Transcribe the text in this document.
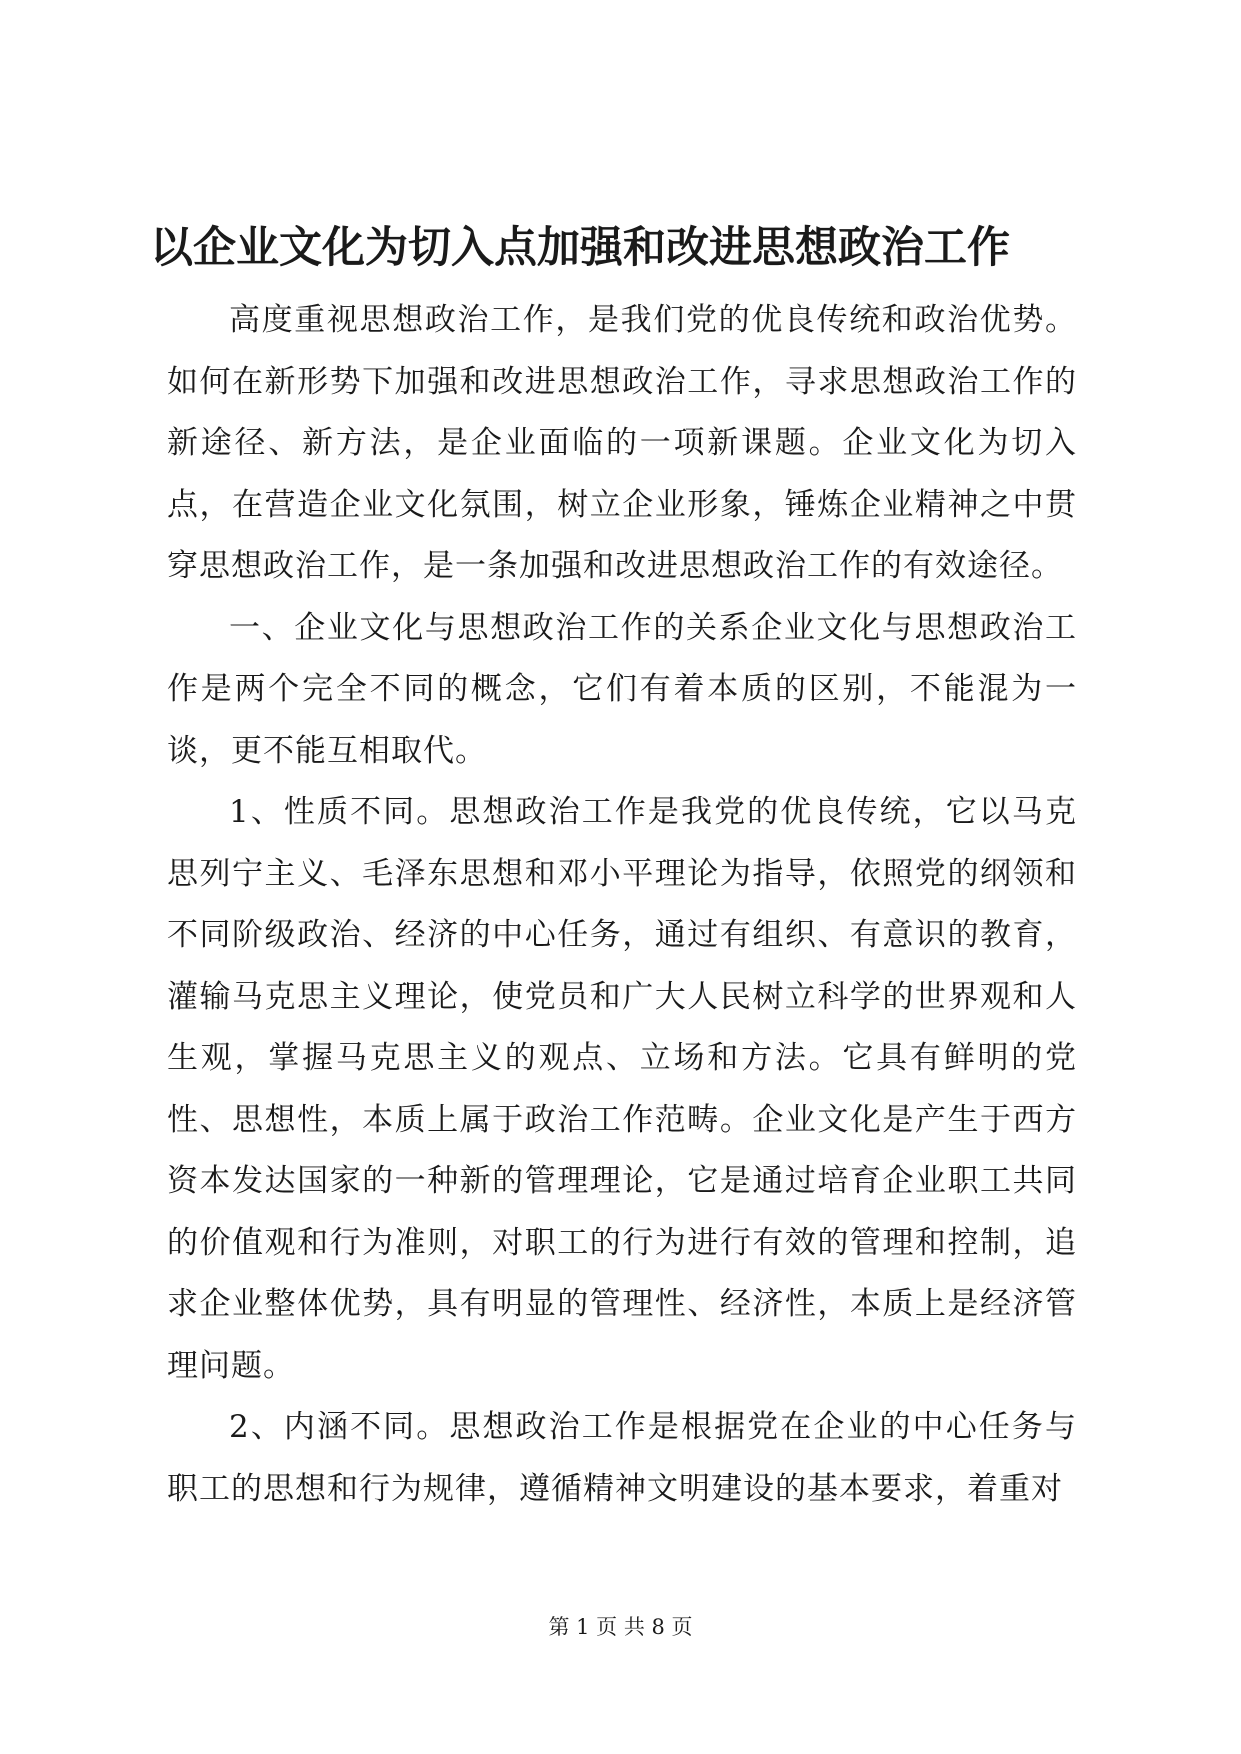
以企业文化为切入点加强和改进思想政治工作

高度重视思想政治工作，是我们党的优良传统和政治优势。如何在新形势下加强和改进思想政治工作，寻求思想政治工作的新途径、新方法，是企业面临的一项新课题。企业文化为切入点，在营造企业文化氛围，树立企业形象，锤炼企业精神之中贯穿思想政治工作，是一条加强和改进思想政治工作的有效途径。

一、企业文化与思想政治工作的关系企业文化与思想政治工作是两个完全不同的概念，它们有着本质的区别，不能混为一谈，更不能互相取代。

1、性质不同。思想政治工作是我党的优良传统，它以马克思列宁主义、毛泽东思想和邓小平理论为指导，依照党的纲领和不同阶级政治、经济的中心任务，通过有组织、有意识的教育，灌输马克思主义理论，使党员和广大人民树立科学的世界观和人生观，掌握马克思主义的观点、立场和方法。它具有鲜明的党性、思想性，本质上属于政治工作范畴。企业文化是产生于西方资本发达国家的一种新的管理理论，它是通过培育企业职工共同的价值观和行为准则，对职工的行为进行有效的管理和控制，追求企业整体优势，具有明显的管理性、经济性，本质上是经济管理问题。

2、内涵不同。思想政治工作是根据党在企业的中心任务与职工的思想和行为规律，遵循精神文明建设的基本要求，着重对

第 1 页 共 8 页
